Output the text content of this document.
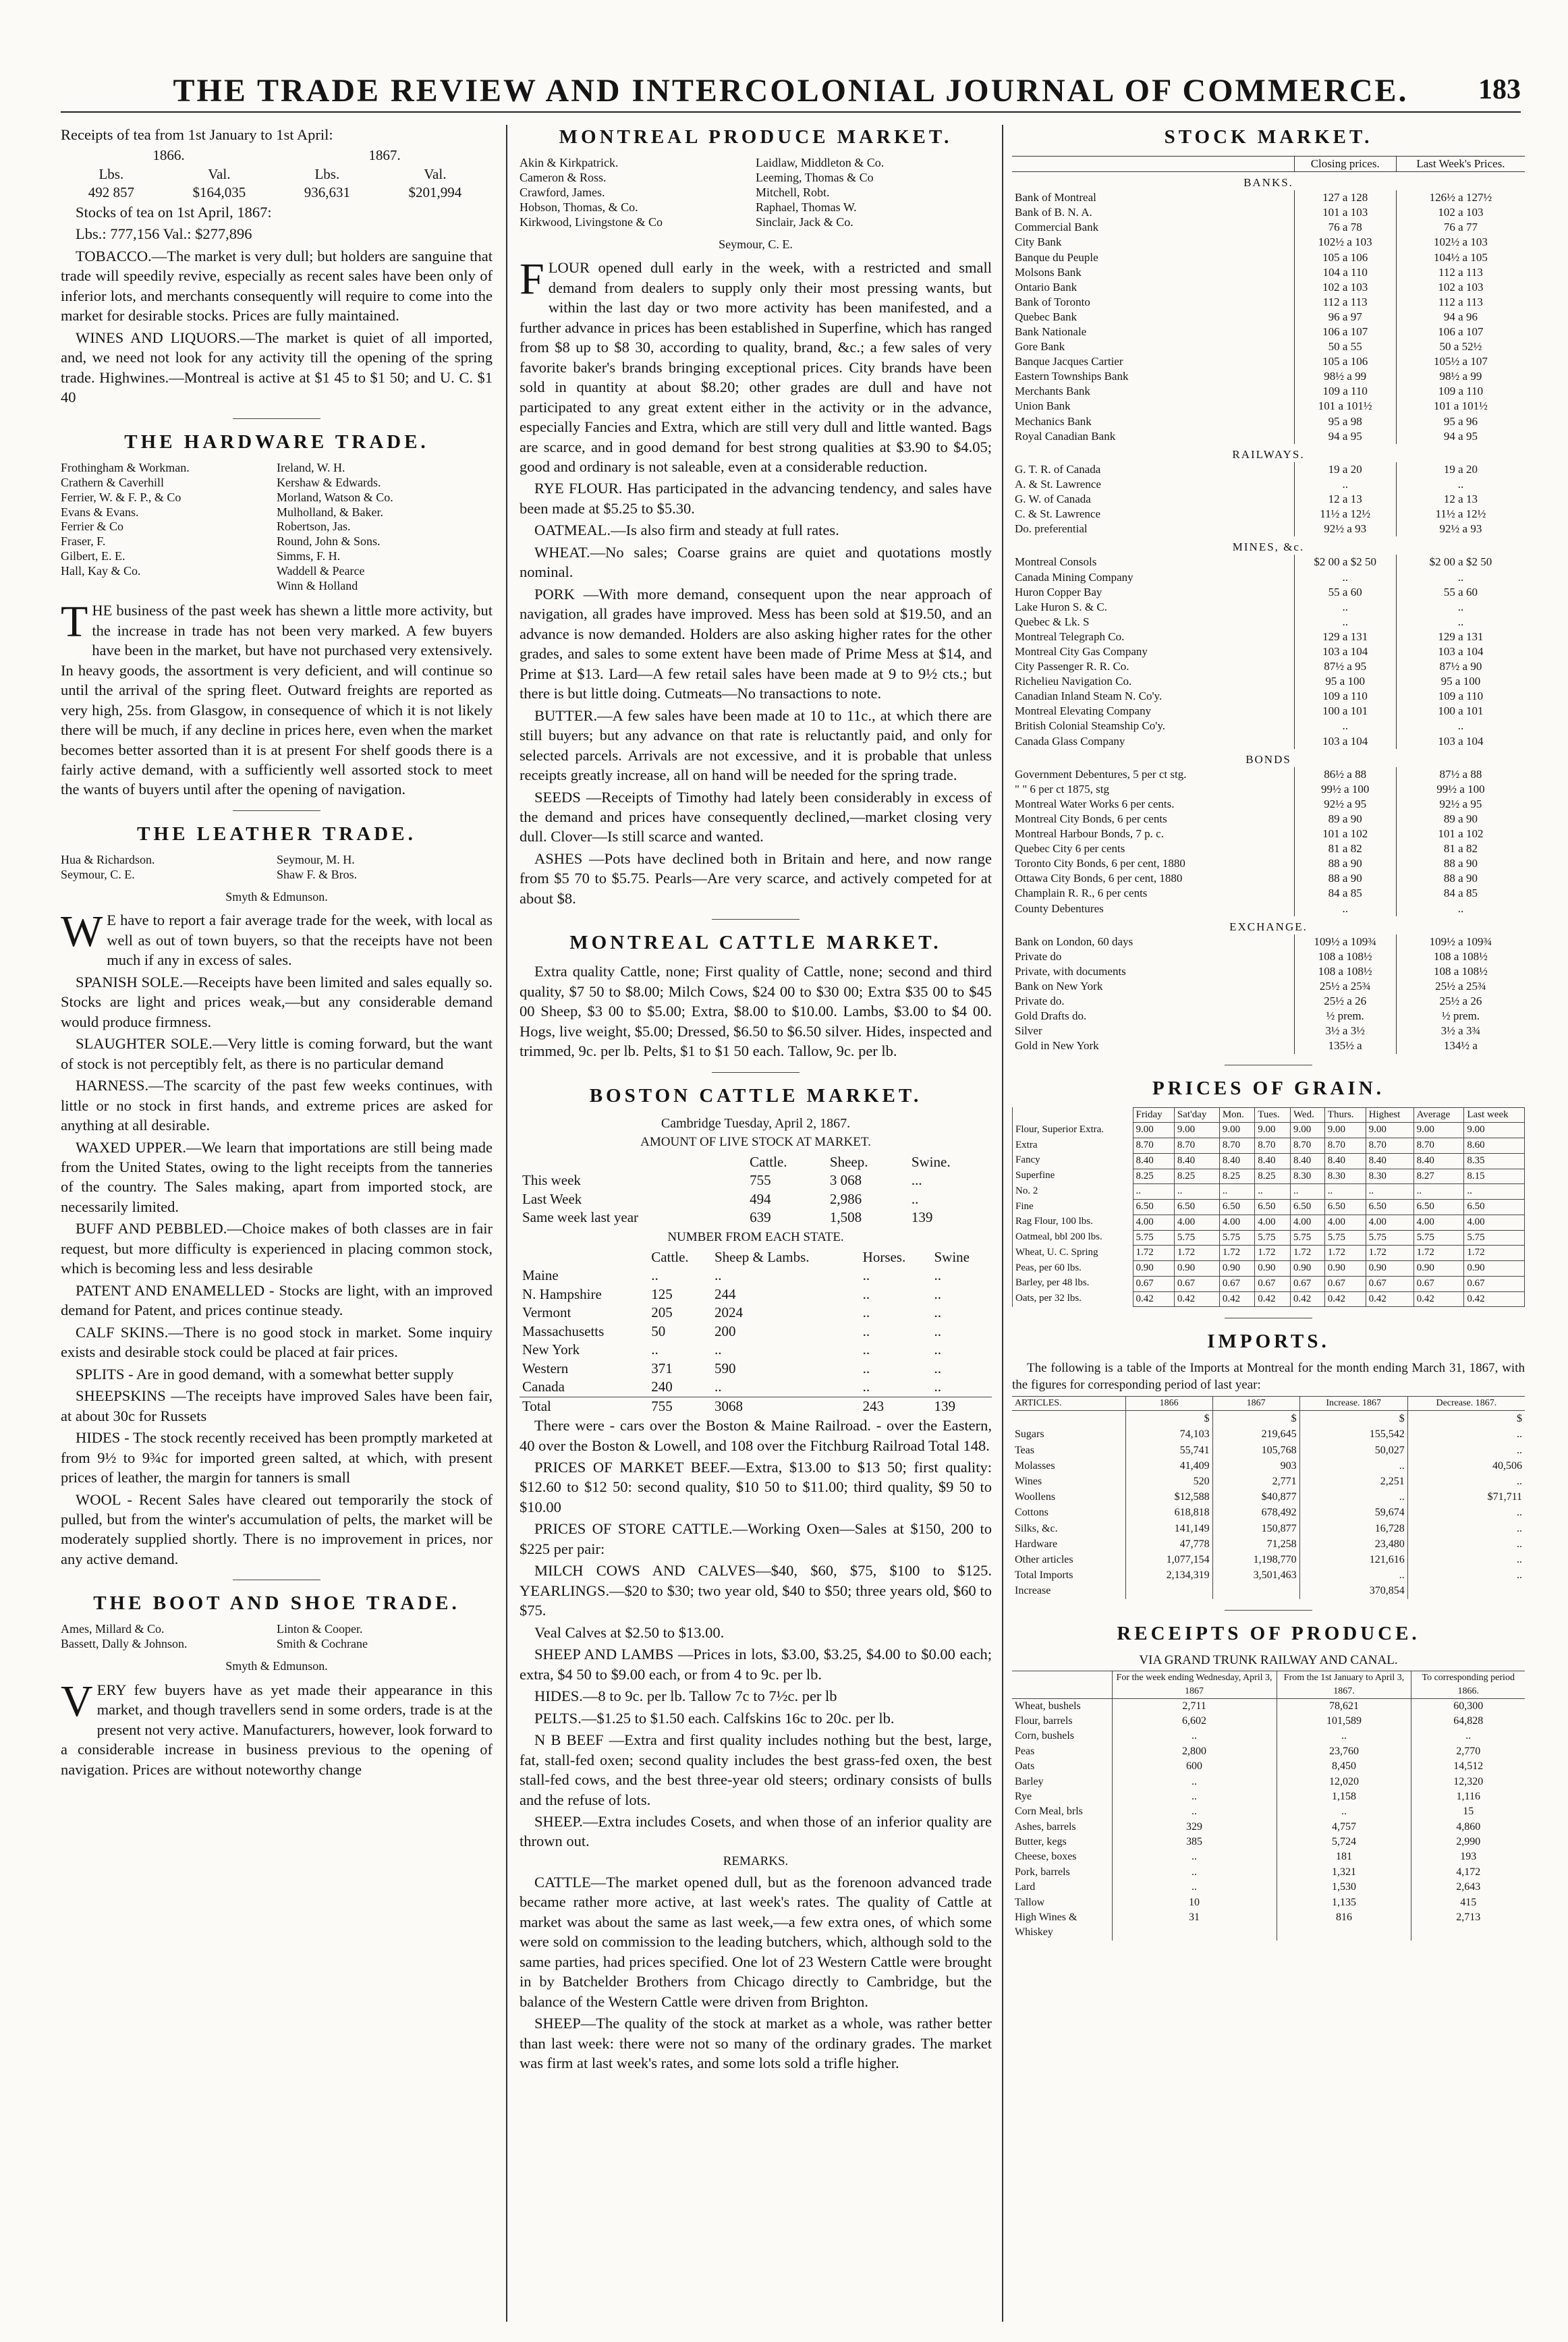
THE TRADE REVIEW AND INTERCOLONIAL JOURNAL OF COMMERCE.	183

Receipts of tea from 1st January to 1st April:

1866.		1867.	
Lbs.	Val.	Lbs.	Val.
492 857	$164,035	936,631	$201,994

Stocks of tea on 1st April, 1867:

Lbs.: 777,156 Val.: $277,896

TOBACCO.—The market is very dull; but holders are sanguine that trade will speedily revive, especially as recent sales have been only of inferior lots, and merchants consequently will require to come into the market for desirable stocks. Prices are fully maintained.

WINES AND LIQUORS.—The market is quiet of all imported, and, we need not look for any activity till the opening of the spring trade. Highwines.—Montreal is active at $1 45 to $1 50; and U. C. $1 40

THE HARDWARE TRADE.
Frothingham & Workman.
Crathern & Caverhill
Ferrier, W. & F. P., & Co
Evans & Evans.
Ferrier & Co
Fraser, F.
Gilbert, E. E.
Hall, Kay & Co.
Ireland, W. H.
Kershaw & Edwards.
Morland, Watson & Co.
Mulholland, & Baker.
Robertson, Jas.
Round, John & Sons.
Simms, F. H.
Waddell & Pearce
Winn & Holland

THE business of the past week has shewn a little more activity, but the increase in trade has not been very marked. A few buyers have been in the market, but have not purchased very extensively. In heavy goods, the assortment is very deficient, and will continue so until the arrival of the spring fleet. Outward freights are reported as very high, 25s. from Glasgow, in consequence of which it is not likely there will be much, if any decline in prices here, even when the market becomes better assorted than it is at present For shelf goods there is a fairly active demand, with a sufficiently well assorted stock to meet the wants of buyers until after the opening of navigation.

THE LEATHER TRADE.
Hua & Richardson.
Seymour, C. E.
Seymour, M. H.
Shaw F. & Bros.
Smyth & Edmunson.

W E have to report a fair average trade for the week, with local as well as out of town buyers, so that the receipts have not been much if any in excess of sales.

SPANISH SOLE.—Receipts have been limited and sales equally so. Stocks are light and prices weak,—but any considerable demand would produce firmness.

SLAUGHTER SOLE.—Very little is coming forward, but the want of stock is not perceptibly felt, as there is no particular demand

HARNESS.—The scarcity of the past few weeks continues, with little or no stock in first hands, and extreme prices are asked for anything at all desirable.

WAXED UPPER.—We learn that importations are still being made from the United States, owing to the light receipts from the tanneries of the country. The Sales making, apart from imported stock, are necessarily limited.

BUFF AND PEBBLED.—Choice makes of both classes are in fair request, but more difficulty is experienced in placing common stock, which is becoming less and less desirable

PATENT AND ENAMELLED - Stocks are light, with an improved demand for Patent, and prices continue steady.

CALF SKINS.—There is no good stock in market. Some inquiry exists and desirable stock could be placed at fair prices.

SPLITS - Are in good demand, with a somewhat better supply

SHEEPSKINS —The receipts have improved Sales have been fair, at about 30c for Russets

HIDES - The stock recently received has been promptly marketed at from 9½ to 9¾c for imported green salted, at which, with present prices of leather, the margin for tanners is small

WOOL - Recent Sales have cleared out temporarily the stock of pulled, but from the winter's accumulation of pelts, the market will be moderately supplied shortly. There is no improvement in prices, nor any active demand.

THE BOOT AND SHOE TRADE.
Ames, Millard & Co.
Bassett, Dally & Johnson.
Linton & Cooper.
Smith & Cochrane
Smyth & Edmunson.

VERY few buyers have as yet made their appearance in this market, and though travellers send in some orders, trade is at the present not very active. Manufacturers, however, look forward to a considerable increase in business previous to the opening of navigation. Prices are without noteworthy change

MONTREAL PRODUCE MARKET.
Akin & Kirkpatrick.
Cameron & Ross.
Crawford, James.
Hobson, Thomas, & Co.
Kirkwood, Livingstone & Co
Laidlaw, Middleton & Co.
Leeming, Thomas & Co
Mitchell, Robt.
Raphael, Thomas W.
Sinclair, Jack & Co.
Seymour, C. E.

FLOUR opened dull early in the week, with a restricted and small demand from dealers to supply only their most pressing wants, but within the last day or two more activity has been manifested, and a further advance in prices has been established in Superfine, which has ranged from $8 up to $8 30, according to quality, brand, &c.; a few sales of very favorite baker's brands bringing exceptional prices. City brands have been sold in quantity at about $8.20; other grades are dull and have not participated to any great extent either in the activity or in the advance, especially Fancies and Extra, which are still very dull and little wanted. Bags are scarce, and in good demand for best strong qualities at $3.90 to $4.05; good and ordinary is not saleable, even at a considerable reduction.

RYE FLOUR. Has participated in the advancing tendency, and sales have been made at $5.25 to $5.30.

OATMEAL.—Is also firm and steady at full rates.

WHEAT.—No sales; Coarse grains are quiet and quotations mostly nominal.

PORK —With more demand, consequent upon the near approach of navigation, all grades have improved. Mess has been sold at $19.50, and an advance is now demanded. Holders are also asking higher rates for the other grades, and sales to some extent have been made of Prime Mess at $14, and Prime at $13. Lard—A few retail sales have been made at 9 to 9½ cts.; but there is but little doing. Cutmeats—No transactions to note.

BUTTER.—A few sales have been made at 10 to 11c., at which there are still buyers; but any advance on that rate is reluctantly paid, and only for selected parcels. Arrivals are not excessive, and it is probable that unless receipts greatly increase, all on hand will be needed for the spring trade.

SEEDS —Receipts of Timothy had lately been considerably in excess of the demand and prices have consequently declined,—market closing very dull. Clover—Is still scarce and wanted.

ASHES —Pots have declined both in Britain and here, and now range from $5 70 to $5.75. Pearls—Are very scarce, and actively competed for at about $8.

MONTREAL CATTLE MARKET.

Extra quality Cattle, none; First quality of Cattle, none; second and third quality, $7 50 to $8.00; Milch Cows, $24 00 to $30 00; Extra $35 00 to $45 00 Sheep, $3 00 to $5.00; Extra, $8.00 to $10.00. Lambs, $3.00 to $4 00. Hogs, live weight, $5.00; Dressed, $6.50 to $6.50 silver. Hides, inspected and trimmed, 9c. per lb. Pelts, $1 to $1 50 each. Tallow, 9c. per lb.

BOSTON CATTLE MARKET.
Cambridge Tuesday, April 2, 1867.
AMOUNT OF LIVE STOCK AT MARKET.
	Cattle.	Sheep.	Swine.
This week	755	3 068	...
Last Week	494	2,986	..
Same week last year	639	1,508	139
NUMBER FROM EACH STATE.
	Cattle.	Sheep & Lambs.	Horses.	Swine
Maine	..	..	..	..
N. Hampshire	125	244	..	..
Vermont	205	2024	..	..
Massachusetts	50	200	..	..
New York	..	..	..	..
Western	371	590	..	..
Canada	240	..	..	..
Total	755	3068	243	139

There were - cars over the Boston & Maine Railroad. - over the Eastern, 40 over the Boston & Lowell, and 108 over the Fitchburg Railroad Total 148.

PRICES OF MARKET BEEF.—Extra, $13.00 to $13 50; first quality: $12.60 to $12 50: second quality, $10 50 to $11.00; third quality, $9 50 to $10.00

PRICES OF STORE CATTLE.—Working Oxen—Sales at $150, 200 to $225 per pair:

MILCH COWS AND CALVES—$40, $60, $75, $100 to $125. YEARLINGS.—$20 to $30; two year old, $40 to $50; three years old, $60 to $75.

Veal Calves at $2.50 to $13.00.

SHEEP AND LAMBS —Prices in lots, $3.00, $3.25, $4.00 to $0.00 each; extra, $4 50 to $9.00 each, or from 4 to 9c. per lb.

HIDES.—8 to 9c. per lb. Tallow 7c to 7½c. per lb

PELTS.—$1.25 to $1.50 each. Calfskins 16c to 20c. per lb.

N B BEEF —Extra and first quality includes nothing but the best, large, fat, stall-fed oxen; second quality includes the best grass-fed oxen, the best stall-fed cows, and the best three-year old steers; ordinary consists of bulls and the refuse of lots.

SHEEP.—Extra includes Cosets, and when those of an inferior quality are thrown out.

REMARKS.

CATTLE—The market opened dull, but as the forenoon advanced trade became rather more active, at last week's rates. The quality of Cattle at market was about the same as last week,—a few extra ones, of which some were sold on commission to the leading butchers, which, although sold to the same parties, had prices specified. One lot of 23 Western Cattle were brought in by Batchelder Brothers from Chicago directly to Cambridge, but the balance of the Western Cattle were driven from Brighton.

SHEEP—The quality of the stock at market as a whole, was rather better than last week: there were not so many of the ordinary grades. The market was firm at last week's rates, and some lots sold a trifle higher.

STOCK MARKET.
	Closing prices.	Last Week's Prices.
BANKS.		
Bank of Montreal	127 a 128	126½ a 127½
Bank of B. N. A.	101 a 103	102 a 103
Commercial Bank	76 a 78	76 a 77
City Bank	102½ a 103	102½ a 103
Banque du Peuple	105 a 106	104½ a 105
Molsons Bank	104 a 110	112 a 113
Ontario Bank	102 a 103	102 a 103
Bank of Toronto	112 a 113	112 a 113
Quebec Bank	96 a 97	94 a 96
Bank Nationale	106 a 107	106 a 107
Gore Bank	50 a 55	50 a 52½
Banque Jacques Cartier	105 a 106	105½ a 107
Eastern Townships Bank	98½ a 99	98½ a 99
Merchants Bank	109 a 110	109 a 110
Union Bank	101 a 101½	101 a 101½
Mechanics Bank	95 a 98	95 a 96
Royal Canadian Bank	94 a 95	94 a 95
RAILWAYS.		
G. T. R. of Canada	19 a 20	19 a 20
A. & St. Lawrence	..	..
G. W. of Canada	12 a 13	12 a 13
C. & St. Lawrence	11½ a 12½	11½ a 12½
Do. preferential	92½ a 93	92½ a 93
MINES, &c.		
Montreal Consols	$2 00 a $2 50	$2 00 a $2 50
Canada Mining Company	..	..
Huron Copper Bay	55 a 60	55 a 60
Lake Huron S. & C.	..	..
Quebec & Lk. S	..	..
Montreal Telegraph Co.	129 a 131	129 a 131
Montreal City Gas Company	103 a 104	103 a 104
City Passenger R. R. Co.	87½ a 95	87½ a 90
Richelieu Navigation Co.	95 a 100	95 a 100
Canadian Inland Steam N. Co'y.	109 a 110	109 a 110
Montreal Elevating Company	100 a 101	100 a 101
British Colonial Steamship Co'y.	..	..
Canada Glass Company	103 a 104	103 a 104
BONDS		
Government Debentures, 5 per ct stg.	86½ a 88	87½ a 88
" " 6 per ct 1875, stg	99½ a 100	99½ a 100
Montreal Water Works 6 per cents.	92½ a 95	92½ a 95
Montreal City Bonds, 6 per cents	89 a 90	89 a 90
Montreal Harbour Bonds, 7 p. c.	101 a 102	101 a 102
Quebec City 6 per cents	81 a 82	81 a 82
Toronto City Bonds, 6 per cent, 1880	88 a 90	88 a 90
Ottawa City Bonds, 6 per cent, 1880	88 a 90	88 a 90
Champlain R. R., 6 per cents	84 a 85	84 a 85
County Debentures	..	..
EXCHANGE.		
Bank on London, 60 days	109½ a 109¾	109½ a 109¾
Private do	108 a 108½	108 a 108½
Private, with documents	108 a 108½	108 a 108½
Bank on New York	25½ a 25¾	25½ a 25¾
Private do.	25½ a 26	25½ a 26
Gold Drafts do.	½ prem.	½ prem.
Silver	3½ a 3½	3½ a 3¾
Gold in New York	135½ a	134½ a
PRICES OF GRAIN.
	Friday	Sat'day	Mon.	Tues.	Wed.	Thurs.	Highest	Average	Last week
Flour, Superior Extra.	9.00	9.00	9.00	9.00	9.00	9.00	9.00	9.00	9.00
Extra	8.70	8.70	8.70	8.70	8.70	8.70	8.70	8.70	8.60
Fancy	8.40	8.40	8.40	8.40	8.40	8.40	8.40	8.40	8.35
Superfine	8.25	8.25	8.25	8.25	8.30	8.30	8.30	8.27	8.15
No. 2	..	..	..	..	..	..	..	..	..
Fine	6.50	6.50	6.50	6.50	6.50	6.50	6.50	6.50	6.50
Rag Flour, 100 lbs.	4.00	4.00	4.00	4.00	4.00	4.00	4.00	4.00	4.00
Oatmeal, bbl 200 lbs.	5.75	5.75	5.75	5.75	5.75	5.75	5.75	5.75	5.75
Wheat, U. C. Spring	1.72	1.72	1.72	1.72	1.72	1.72	1.72	1.72	1.72
Peas, per 60 lbs.	0.90	0.90	0.90	0.90	0.90	0.90	0.90	0.90	0.90
Barley, per 48 lbs.	0.67	0.67	0.67	0.67	0.67	0.67	0.67	0.67	0.67
Oats, per 32 lbs.	0.42	0.42	0.42	0.42	0.42	0.42	0.42	0.42	0.42
IMPORTS.

The following is a table of the Imports at Montreal for the month ending March 31, 1867, with the figures for corresponding period of last year:

ARTICLES.	1866	1867	Increase. 1867	Decrease. 1867.
	$	$	$	$
Sugars	74,103	219,645	155,542	..
Teas	55,741	105,768	50,027	..
Molasses	41,409	903	..	40,506
Wines	520	2,771	2,251	..
Woollens	$12,588	$40,877	..	$71,711
Cottons	618,818	678,492	59,674	..
Silks, &c.	141,149	150,877	16,728	..
Hardware	47,778	71,258	23,480	..
Other articles	1,077,154	1,198,770	121,616	..

Total Imports	2,134,319	3,501,463	..	..
Increase			370,854	
RECEIPTS OF PRODUCE.
VIA GRAND TRUNK RAILWAY AND CANAL.
	For the week ending Wednesday, April 3, 1867	From the 1st January to April 3, 1867.	To corresponding period 1866.
Wheat, bushels	2,711	78,621	60,300
Flour, barrels	6,602	101,589	64,828
Corn, bushels	..	..	..
Peas	2,800	23,760	2,770
Oats	600	8,450	14,512
Barley	..	12,020	12,320
Rye	..	1,158	1,116
Corn Meal, brls	..	..	15
Ashes, barrels	329	4,757	4,860
Butter, kegs	385	5,724	2,990
Cheese, boxes	..	181	193
Pork, barrels	..	1,321	4,172
Lard	..	1,530	2,643
Tallow	10	1,135	415
High Wines & Whiskey	31	816	2,713
